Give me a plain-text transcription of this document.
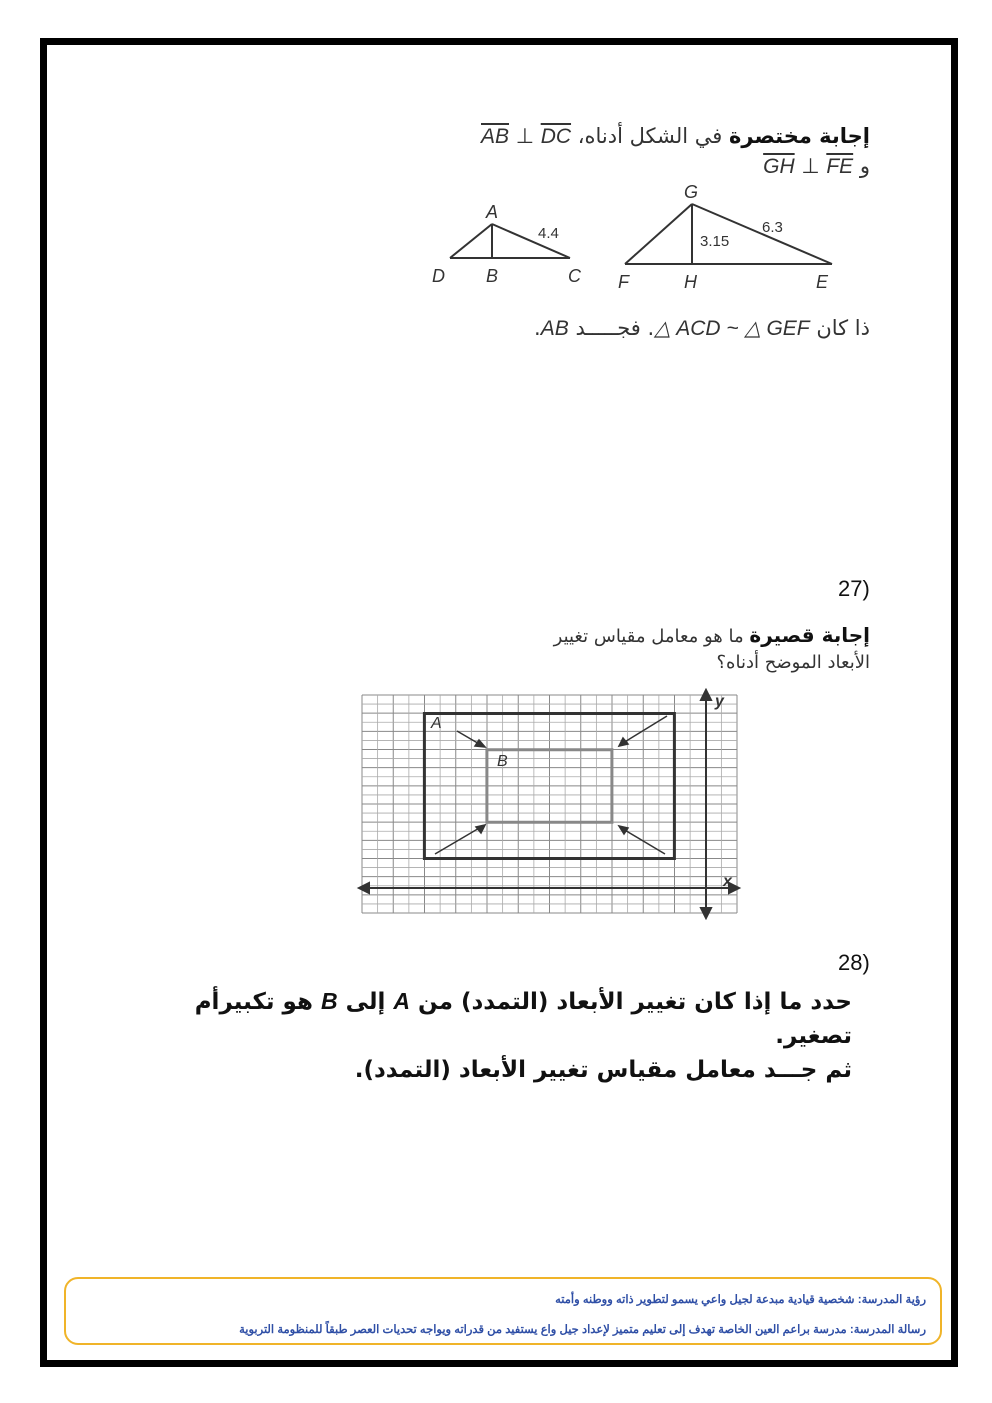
إجابة مختصرة في الشكل أدناه، $\overline{AB}$ ⊥ $\overline{DC}$
و $\overline{GH}$ ⊥ $\overline{FE}$
A
B	C
D
4.4
G
F	H	E
6.3
3.15
ذا كان △ ACD ~ △ GEF. فجـــــد AB.
27)
إجابة قصيرة ما هو معامل مقياس تغيير
الأبعاد الموضح أدناه؟
A
B
y
x
28)
حدد ما إذا كان تغيير الأبعاد (التمدد) من A إلى B هو تكبيرأم تصغير.
ثم جـــد معامل مقياس تغيير الأبعاد (التمدد).
رؤية المدرسة: شخصية قيادية مبدعة لجيل واعي يسمو لتطوير ذاته ووطنه وأمته
رسالة المدرسة: مدرسة براعم العين الخاصة تهدف إلى تعليم متميز لإعداد جيل واع يستفيد من قدراته ويواجه تحديات العصر طبقاً للمنظومة التربوية
